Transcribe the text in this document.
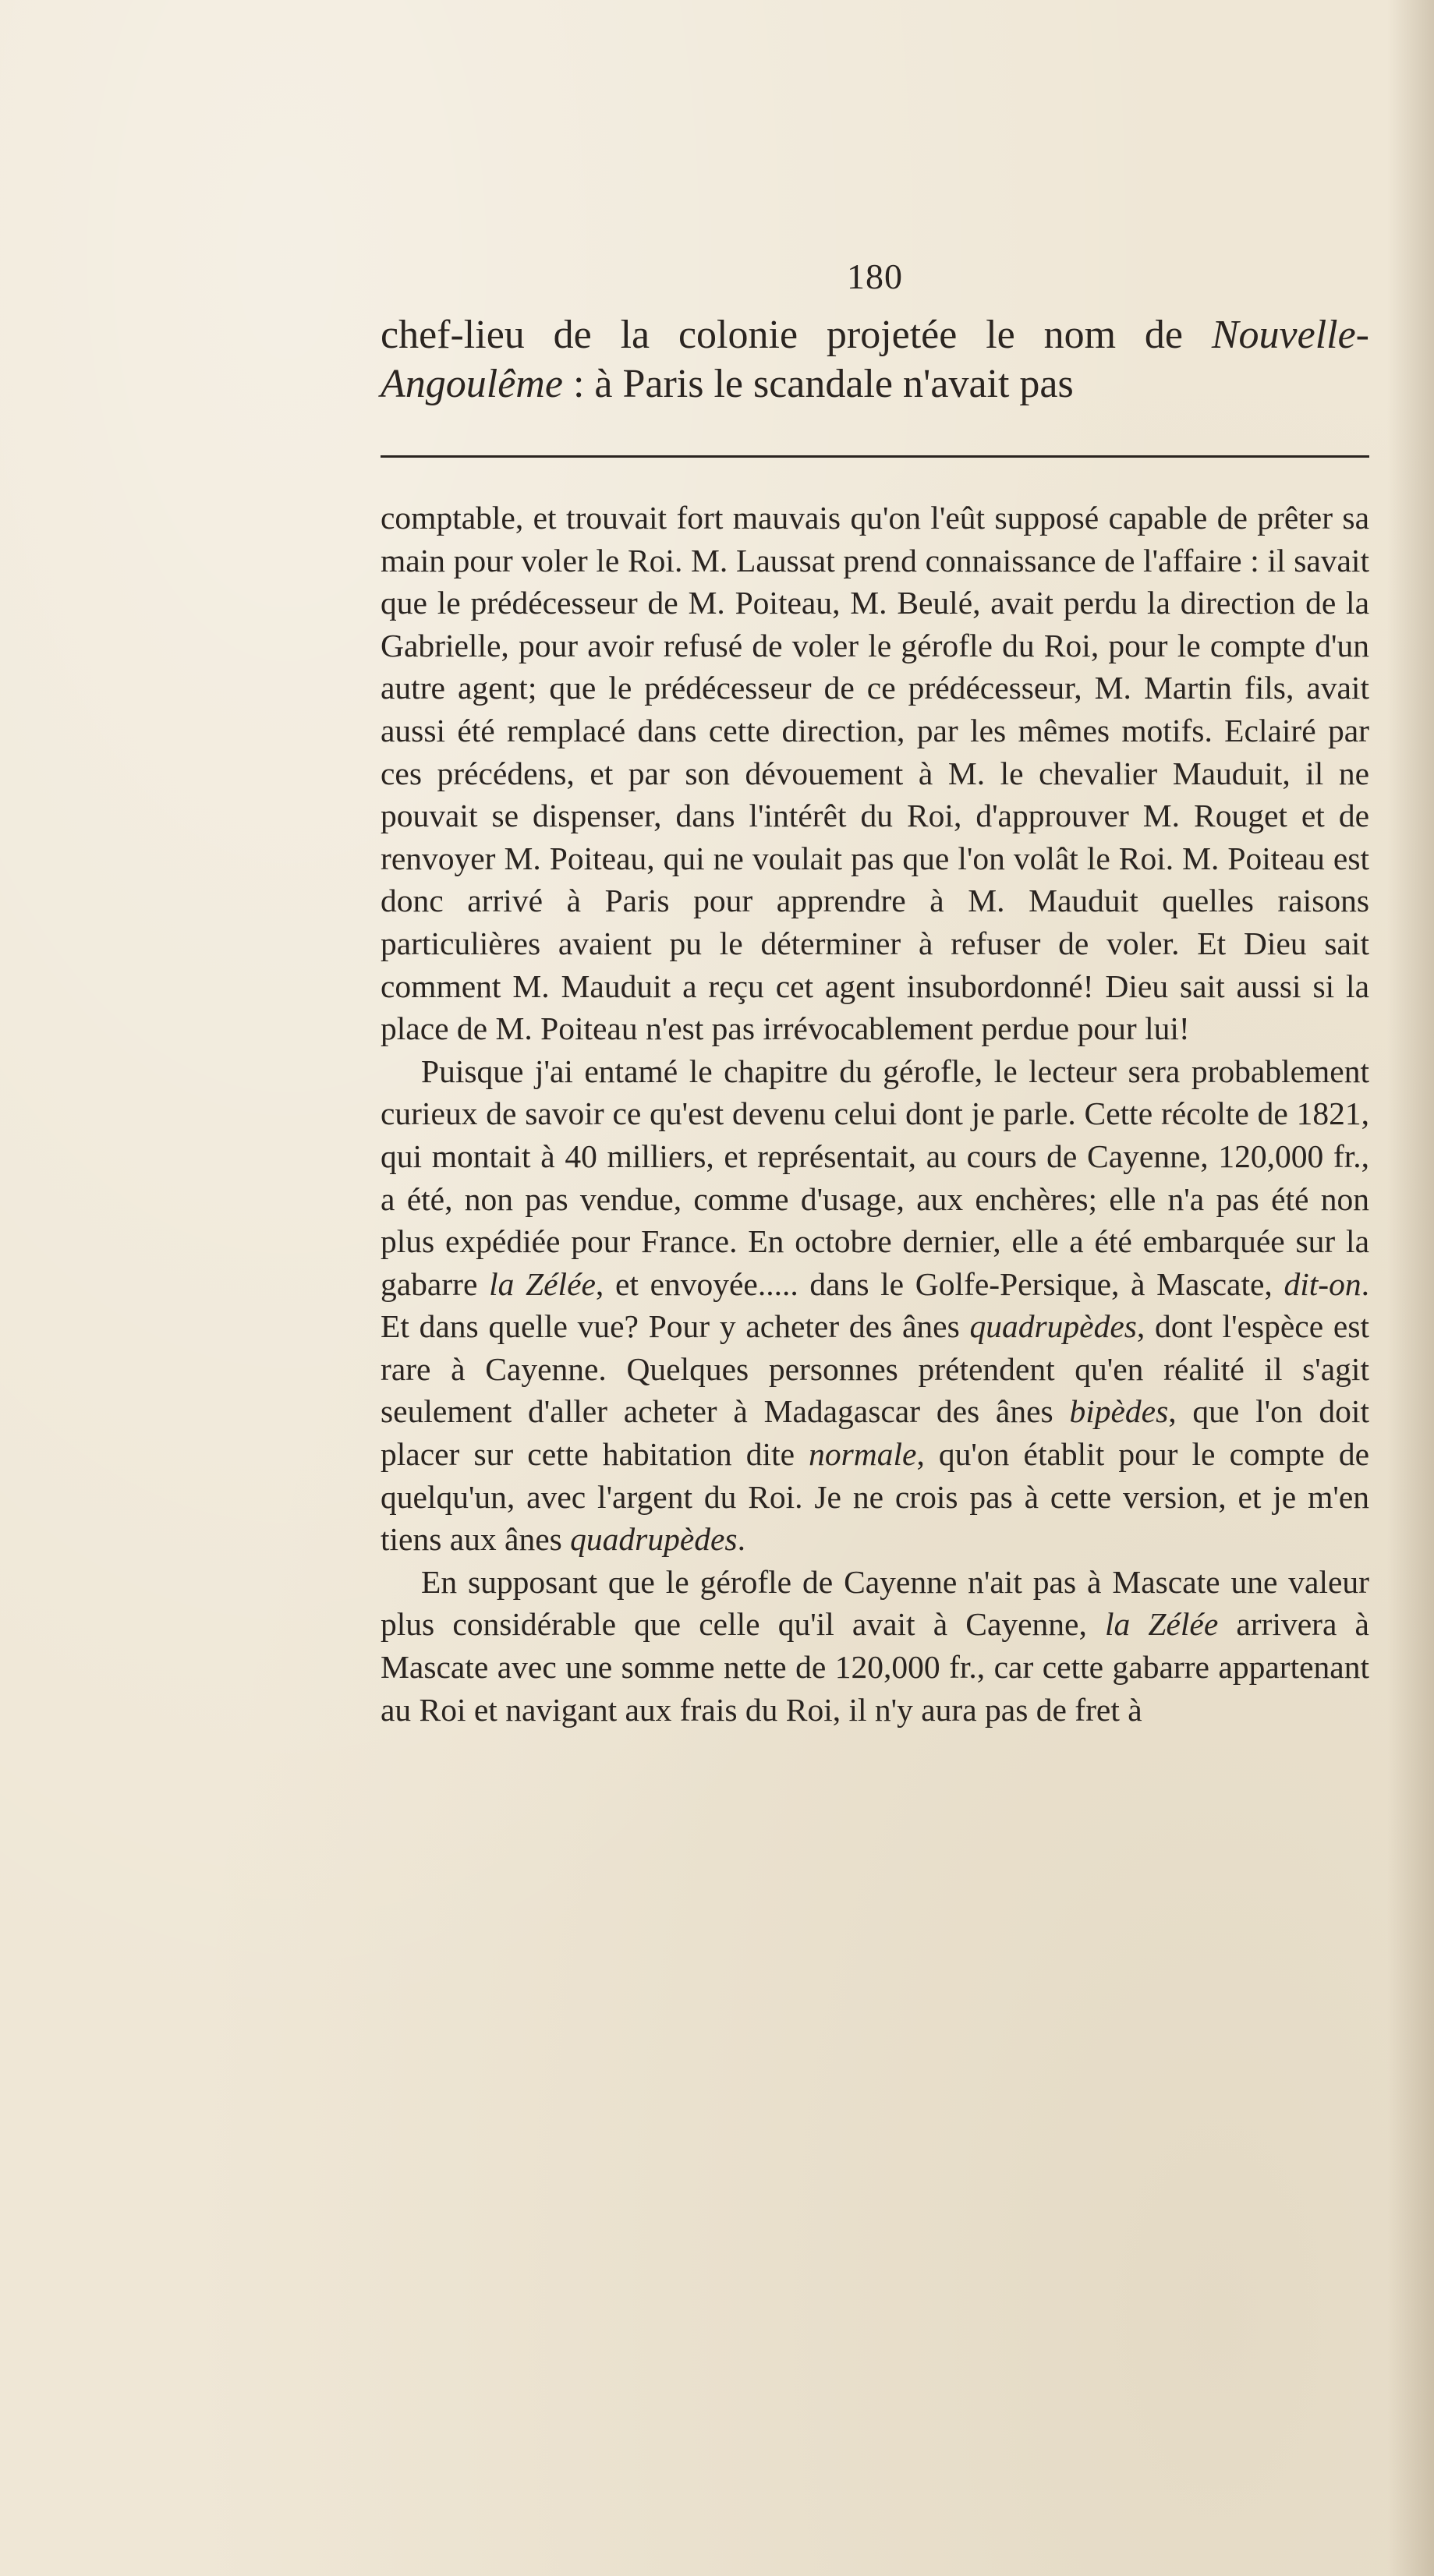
180

chef-lieu de la colonie projetée le nom de Nouvelle-Angoulême : à Paris le scandale n'avait pas

comptable, et trouvait fort mauvais qu'on l'eût supposé capable de prêter sa main pour voler le Roi. M. Laussat prend connaissance de l'affaire : il savait que le prédécesseur de M. Poiteau, M. Beulé, avait perdu la direction de la Gabrielle, pour avoir refusé de voler le gérofle du Roi, pour le compte d'un autre agent; que le prédécesseur de ce prédécesseur, M. Martin fils, avait aussi été remplacé dans cette direction, par les mêmes motifs. Eclairé par ces précédens, et par son dévouement à M. le chevalier Mauduit, il ne pouvait se dispenser, dans l'intérêt du Roi, d'approuver M. Rouget et de renvoyer M. Poiteau, qui ne voulait pas que l'on volât le Roi. M. Poiteau est donc arrivé à Paris pour apprendre à M. Mauduit quelles raisons particulières avaient pu le déterminer à refuser de voler. Et Dieu sait comment M. Mauduit a reçu cet agent insubordonné! Dieu sait aussi si la place de M. Poiteau n'est pas irrévocablement perdue pour lui!

Puisque j'ai entamé le chapitre du gérofle, le lecteur sera probablement curieux de savoir ce qu'est devenu celui dont je parle. Cette récolte de 1821, qui montait à 40 milliers, et représentait, au cours de Cayenne, 120,000 fr., a été, non pas vendue, comme d'usage, aux enchères; elle n'a pas été non plus expédiée pour France. En octobre dernier, elle a été embarquée sur la gabarre la Zélée, et envoyée..... dans le Golfe-Persique, à Mascate, dit-on. Et dans quelle vue? Pour y acheter des ânes quadrupèdes, dont l'espèce est rare à Cayenne. Quelques personnes prétendent qu'en réalité il s'agit seulement d'aller acheter à Madagascar des ânes bipèdes, que l'on doit placer sur cette habitation dite normale, qu'on établit pour le compte de quelqu'un, avec l'argent du Roi. Je ne crois pas à cette version, et je m'en tiens aux ânes quadrupèdes.

En supposant que le gérofle de Cayenne n'ait pas à Mascate une valeur plus considérable que celle qu'il avait à Cayenne, la Zélée arrivera à Mascate avec une somme nette de 120,000 fr., car cette gabarre appartenant au Roi et navigant aux frais du Roi, il n'y aura pas de fret à
